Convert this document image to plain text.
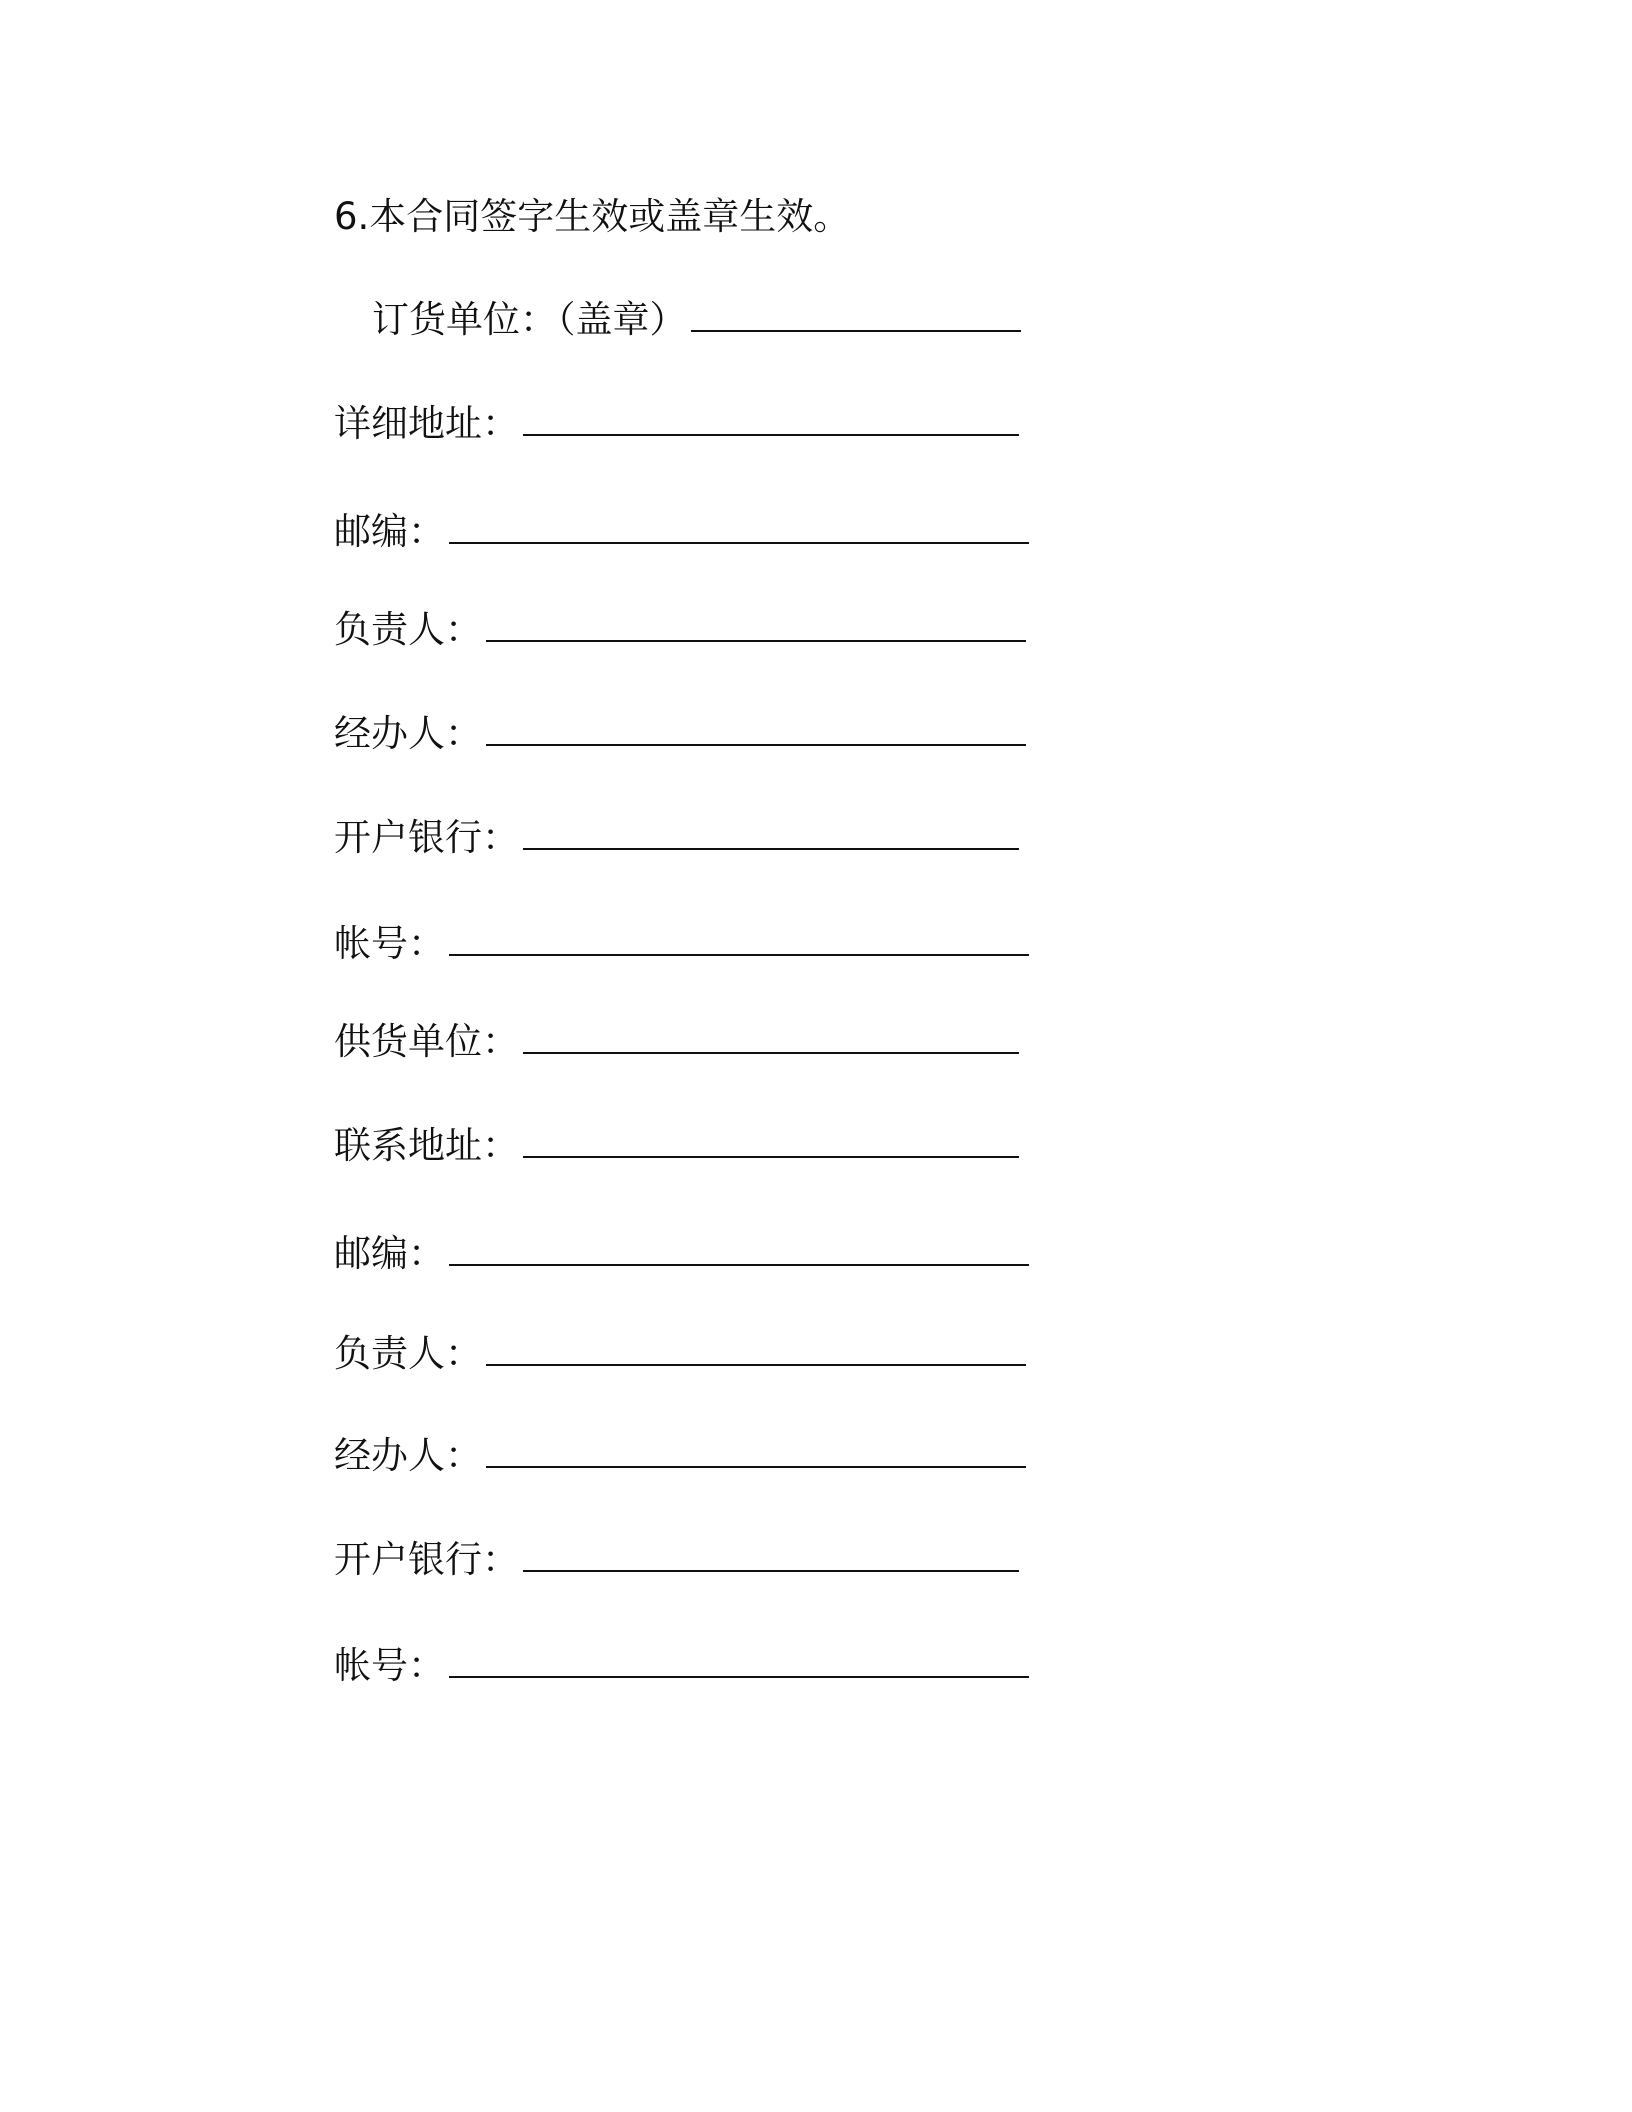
6.本合同签字生效或盖章生效。
订货单位：（盖章）
详细地址：
邮编：
负责人：
经办人：
开户银行：
帐号：
供货单位：
联系地址：
邮编：
负责人：
经办人：
开户银行：
帐号：
